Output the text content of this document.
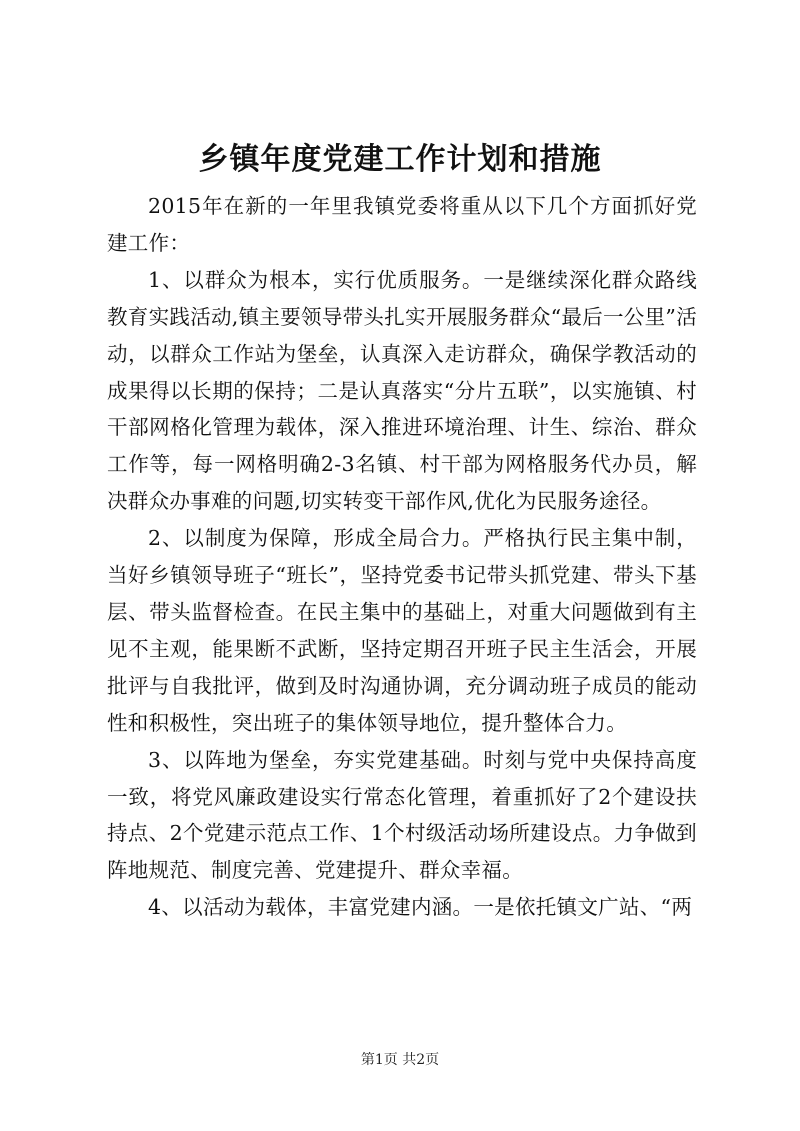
乡镇年度党建工作计划和措施

2015年在新的一年里我镇党委将重从以下几个方面抓好党建工作：

1、以群众为根本，实行优质服务。一是继续深化群众路线教育实践活动,镇主要领导带头扎实开展服务群众“最后一公里”活动，以群众工作站为堡垒，认真深入走访群众，确保学教活动的成果得以长期的保持；二是认真落实“分片五联”，以实施镇、村干部网格化管理为载体，深入推进环境治理、计生、综治、群众工作等，每一网格明确2-3名镇、村干部为网格服务代办员，解决群众办事难的问题,切实转变干部作风,优化为民服务途径。

2、以制度为保障，形成全局合力。严格执行民主集中制，当好乡镇领导班子“班长”，坚持党委书记带头抓党建、带头下基层、带头监督检查。在民主集中的基础上，对重大问题做到有主见不主观，能果断不武断，坚持定期召开班子民主生活会，开展批评与自我批评，做到及时沟通协调，充分调动班子成员的能动性和积极性，突出班子的集体领导地位，提升整体合力。

3、以阵地为堡垒，夯实党建基础。时刻与党中央保持高度一致，将党风廉政建设实行常态化管理，着重抓好了2个建设扶持点、2个党建示范点工作、1个村级活动场所建设点。力争做到阵地规范、制度完善、党建提升、群众幸福。

4、以活动为载体，丰富党建内涵。一是依托镇文广站、“两

第1页 共2页
